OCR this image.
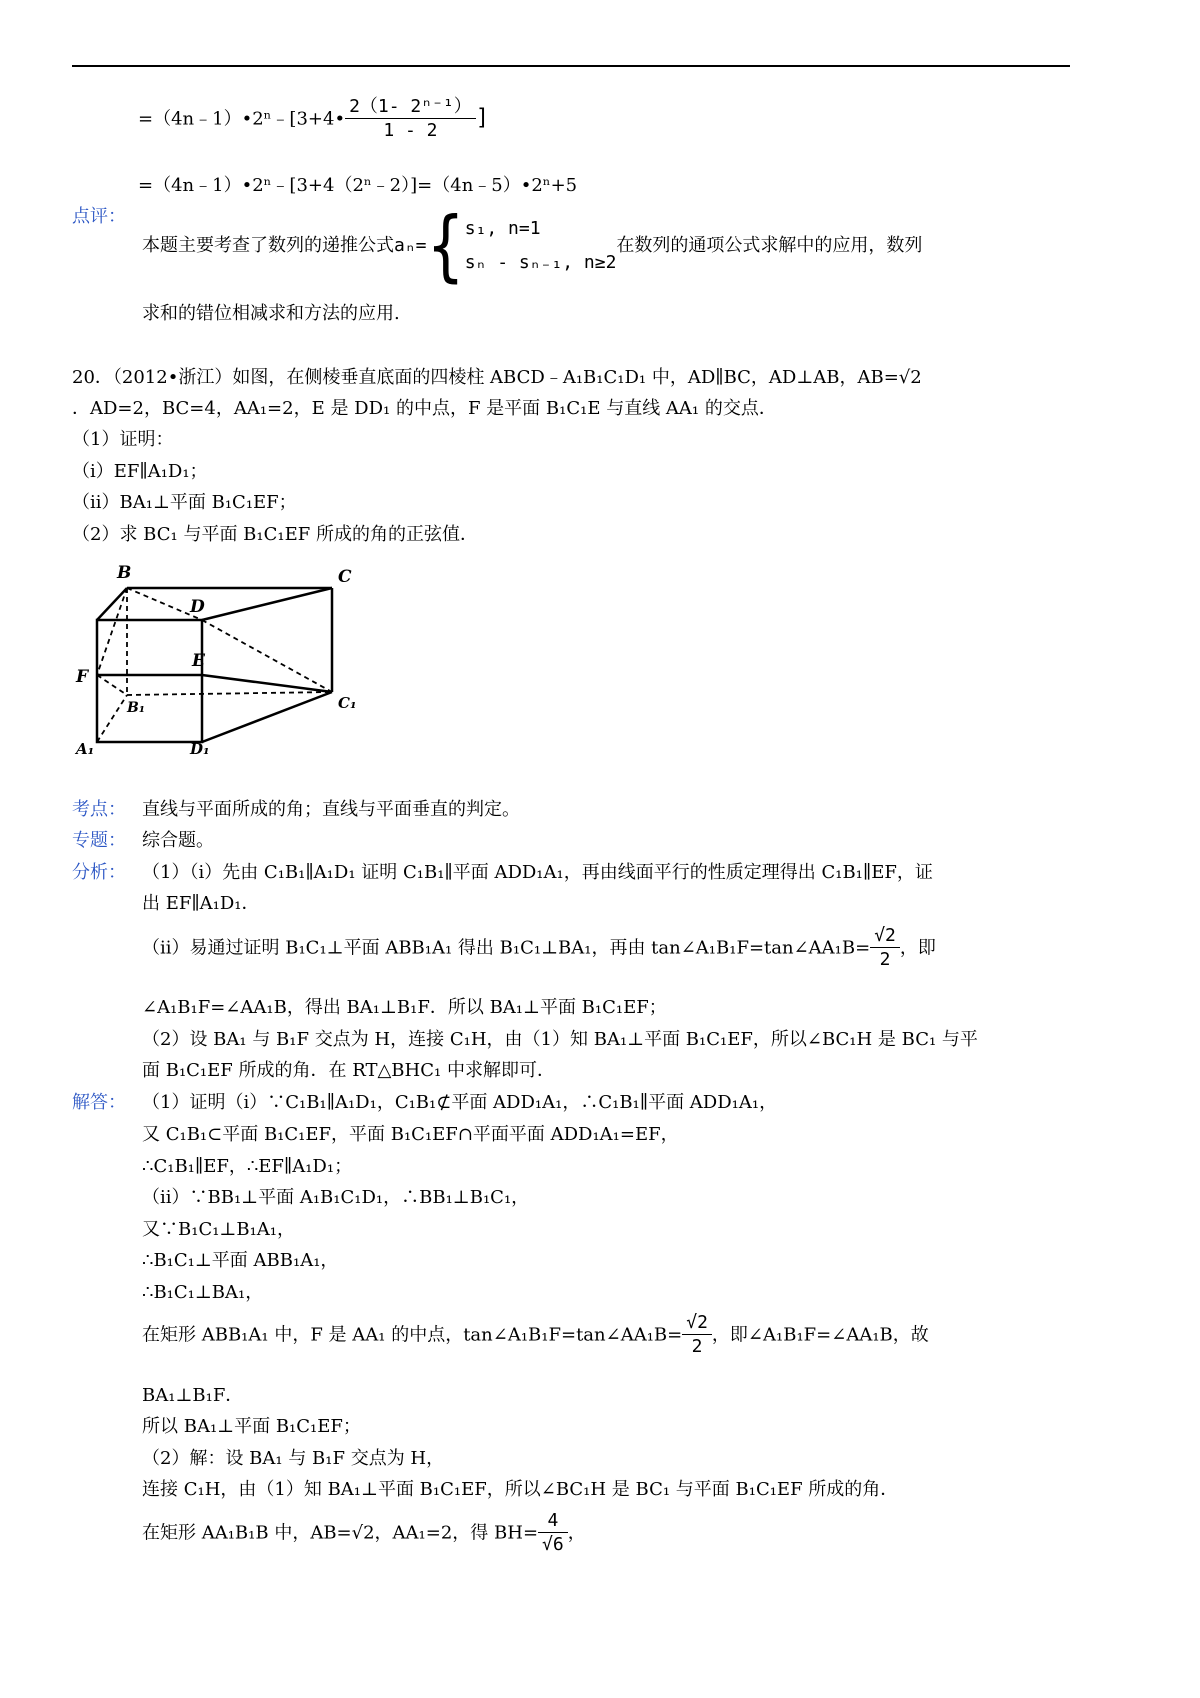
=（4n﹣1）•2ⁿ﹣[3+4• $\frac{\text{2（1- 2ⁿ⁻¹）}}{1 - 2}$ ]
=（4n﹣1）•2ⁿ﹣[3+4（2ⁿ﹣2）]=（4n﹣5）•2ⁿ+5
点评：
本题主要考查了数列的递推公式aₙ={ s₁, n=1
sₙ - sₙ₋₁, n≥2
在数列的通项公式求解中的应用，数列
求和的错位相减求和方法的应用.
20．（2012•浙江）如图，在侧棱垂直底面的四棱柱 ABCD﹣A₁B₁C₁D₁ 中，AD∥BC，AD⊥AB，AB=√2
．AD=2，BC=4，AA₁=2，E 是 DD₁ 的中点，F 是平面 B₁C₁E 与直线 AA₁ 的交点．
（1）证明：
（i）EF∥A₁D₁；
（ii）BA₁⊥平面 B₁C₁EF；
（2）求 BC₁ 与平面 B₁C₁EF 所成的角的正弦值．
B	C
D
E
F
B₁	C₁
A₁	D₁
考点： 直线与平面所成的角；直线与平面垂直的判定。
专题： 综合题。
分析： （1）（i）先由 C₁B₁∥A₁D₁ 证明 C₁B₁∥平面 ADD₁A₁，再由线面平行的性质定理得出 C₁B₁∥EF，证
出 EF∥A₁D₁．
（ii）易通过证明 B₁C₁⊥平面 ABB₁A₁ 得出 B₁C₁⊥BA₁，再由 tan∠A₁B₁F=tan∠AA₁B= $\frac{√2}{2}$ ，即
∠A₁B₁F=∠AA₁B，得出 BA₁⊥B₁F．所以 BA₁⊥平面 B₁C₁EF；
（2）设 BA₁ 与 B₁F 交点为 H，连接 C₁H，由（1）知 BA₁⊥平面 B₁C₁EF，所以∠BC₁H 是 BC₁ 与平
面 B₁C₁EF 所成的角．在 RT△BHC₁ 中求解即可．
解答： （1）证明（i）∵C₁B₁∥A₁D₁，C₁B₁⊄平面 ADD₁A₁，∴C₁B₁∥平面 ADD₁A₁，
又 C₁B₁⊂平面 B₁C₁EF，平面 B₁C₁EF∩平面平面 ADD₁A₁=EF，
∴C₁B₁∥EF，∴EF∥A₁D₁；
（ii）∵BB₁⊥平面 A₁B₁C₁D₁，∴BB₁⊥B₁C₁，
又∵B₁C₁⊥B₁A₁，
∴B₁C₁⊥平面 ABB₁A₁，
∴B₁C₁⊥BA₁，
在矩形 ABB₁A₁ 中，F 是 AA₁ 的中点，tan∠A₁B₁F=tan∠AA₁B= $\frac{√2}{2}$ ，即∠A₁B₁F=∠AA₁B，故
BA₁⊥B₁F．
所以 BA₁⊥平面 B₁C₁EF；
（2）解：设 BA₁ 与 B₁F 交点为 H，
连接 C₁H，由（1）知 BA₁⊥平面 B₁C₁EF，所以∠BC₁H 是 BC₁ 与平面 B₁C₁EF 所成的角．
在矩形 AA₁B₁B 中，AB=√2，AA₁=2，得 $BH= \frac{4}{√6}$ ，
